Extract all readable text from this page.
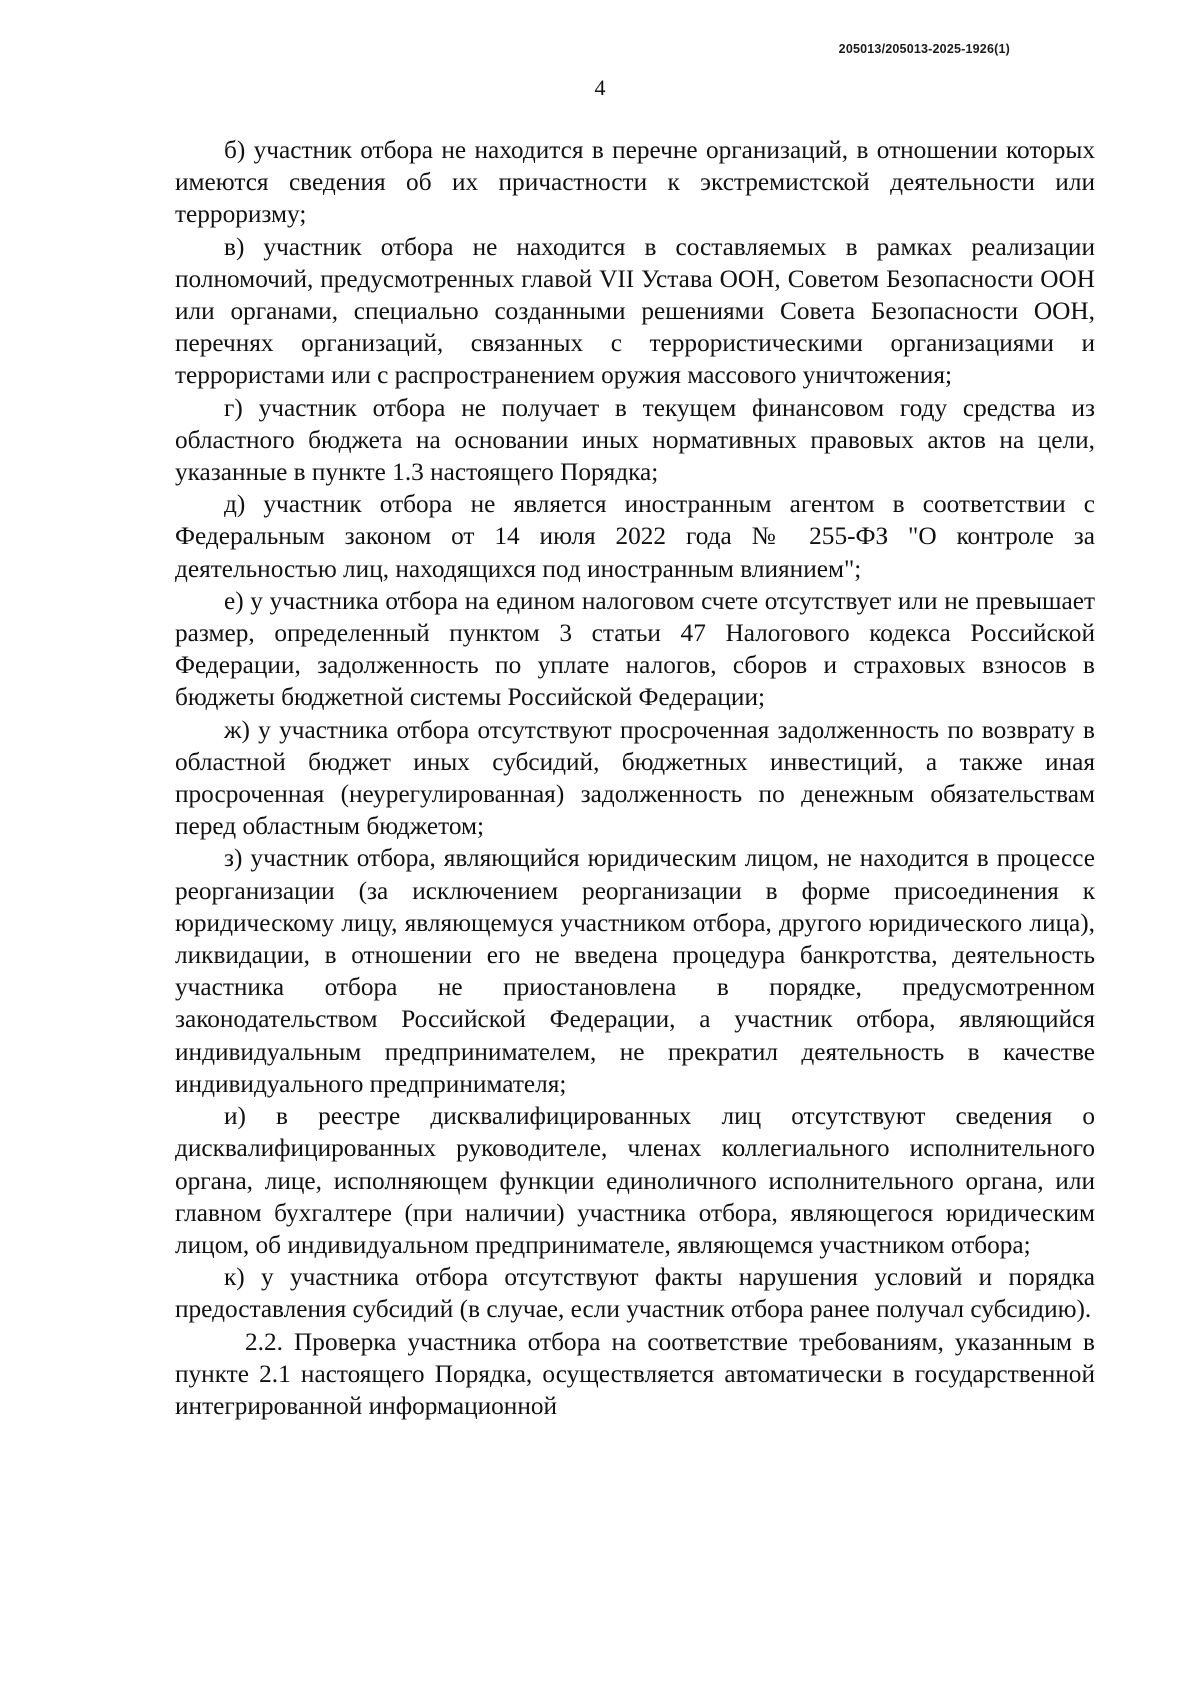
205013/205013-2025-1926(1)
4

б) участник отбора не находится в перечне организаций, в отношении которых имеются сведения об их причастности к экстремистской деятельности или терроризму;

в) участник отбора не находится в составляемых в рамках реализации полномочий, предусмотренных главой VII Устава ООН, Советом Безопасности ООН или органами, специально созданными решениями Совета Безопасности ООН, перечнях организаций, связанных с террористическими организациями и террористами или с распространением оружия массового уничтожения;

г) участник отбора не получает в текущем финансовом году средства из областного бюджета на основании иных нормативных правовых актов на цели, указанные в пункте 1.3 настоящего Порядка;

д) участник отбора не является иностранным агентом в соответствии с Федеральным законом от 14 июля 2022 года № 255-ФЗ "О контроле за деятельностью лиц, находящихся под иностранным влиянием";

е) у участника отбора на едином налоговом счете отсутствует или не превышает размер, определенный пунктом 3 статьи 47 Налогового кодекса Российской Федерации, задолженность по уплате налогов, сборов и страховых взносов в бюджеты бюджетной системы Российской Федерации;

ж) у участника отбора отсутствуют просроченная задолженность по возврату в областной бюджет иных субсидий, бюджетных инвестиций, а также иная просроченная (неурегулированная) задолженность по денежным обязательствам перед областным бюджетом;

з) участник отбора, являющийся юридическим лицом, не находится в процессе реорганизации (за исключением реорганизации в форме присоединения к юридическому лицу, являющемуся участником отбора, другого юридического лица), ликвидации, в отношении его не введена процедура банкротства, деятельность участника отбора не приостановлена в порядке, предусмотренном законодательством Российской Федерации, а участник отбора, являющийся индивидуальным предпринимателем, не прекратил деятельность в качестве индивидуального предпринимателя;

и) в реестре дисквалифицированных лиц отсутствуют сведения о дисквалифицированных руководителе, членах коллегиального исполнительного органа, лице, исполняющем функции единоличного исполнительного органа, или главном бухгалтере (при наличии) участника отбора, являющегося юридическим лицом, об индивидуальном предпринимателе, являющемся участником отбора;

к) у участника отбора отсутствуют факты нарушения условий и порядка предоставления субсидий (в случае, если участник отбора ранее получал субсидию).

2.2. Проверка участника отбора на соответствие требованиям, указанным в пункте 2.1 настоящего Порядка, осуществляется автоматически в государственной интегрированной информационной
